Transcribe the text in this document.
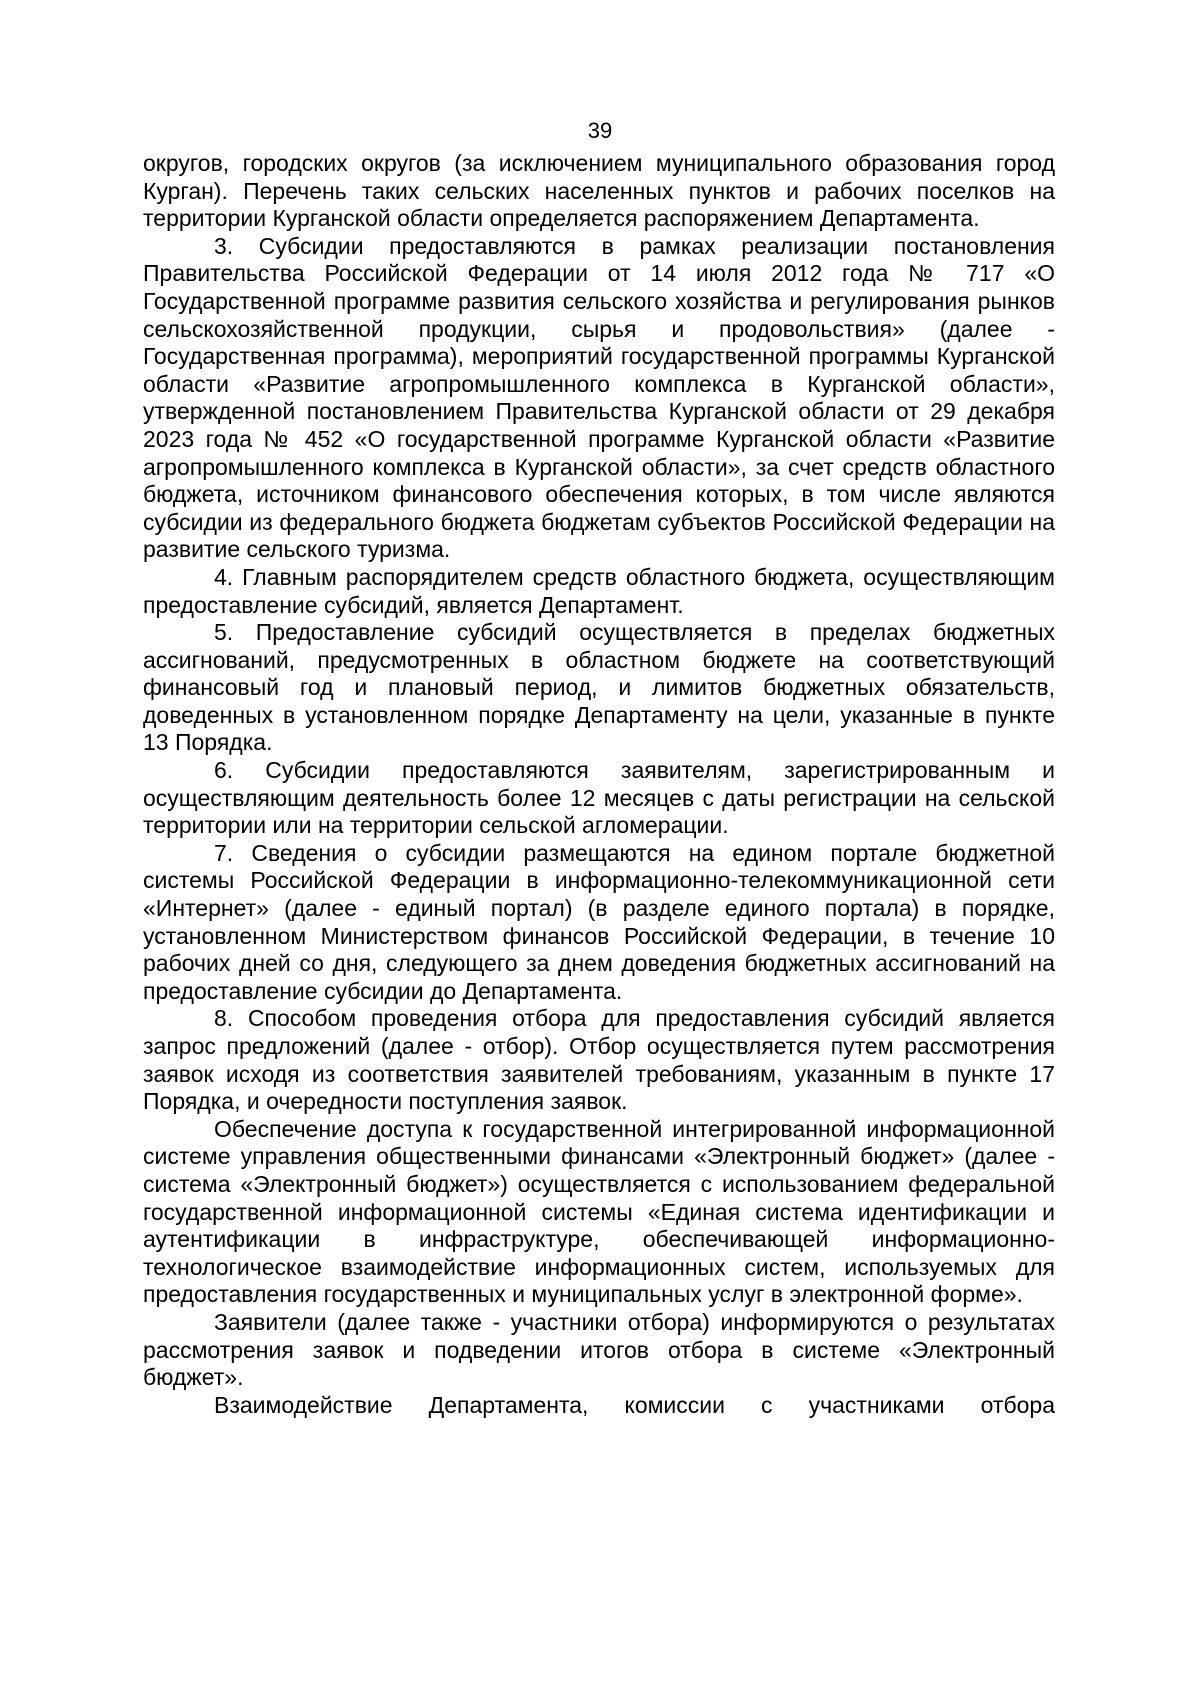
39

округов, городских округов (за исключением муниципального образования город Курган). Перечень таких сельских населенных пунктов и рабочих поселков на территории Курганской области определяется распоряжением Департамента.

3. Субсидии предоставляются в рамках реализации постановления Правительства Российской Федерации от 14 июля 2012 года № 717 «О Государственной программе развития сельского хозяйства и регулирования рынков сельскохозяйственной продукции, сырья и продовольствия» (далее - Государственная программа), мероприятий государственной программы Курганской области «Развитие агропромышленного комплекса в Курганской области», утвержденной постановлением Правительства Курганской области от 29 декабря 2023 года № 452 «О государственной программе Курганской области «Развитие агропромышленного комплекса в Курганской области», за счет средств областного бюджета, источником финансового обеспечения которых, в том числе являются субсидии из федерального бюджета бюджетам субъектов Российской Федерации на развитие сельского туризма.

4. Главным распорядителем средств областного бюджета, осуществляющим предоставление субсидий, является Департамент.

5. Предоставление субсидий осуществляется в пределах бюджетных ассигнований, предусмотренных в областном бюджете на соответствующий финансовый год и плановый период, и лимитов бюджетных обязательств, доведенных в установленном порядке Департаменту на цели, указанные в пункте 13 Порядка.

6. Субсидии предоставляются заявителям, зарегистрированным и осуществляющим деятельность более 12 месяцев с даты регистрации на сельской территории или на территории сельской агломерации.

7. Сведения о субсидии размещаются на едином портале бюджетной системы Российской Федерации в информационно-телекоммуникационной сети «Интернет» (далее - единый портал) (в разделе единого портала) в порядке, установленном Министерством финансов Российской Федерации, в течение 10 рабочих дней со дня, следующего за днем доведения бюджетных ассигнований на предоставление субсидии до Департамента.

8. Способом проведения отбора для предоставления субсидий является запрос предложений (далее - отбор). Отбор осуществляется путем рассмотрения заявок исходя из соответствия заявителей требованиям, указанным в пункте 17 Порядка, и очередности поступления заявок.

Обеспечение доступа к государственной интегрированной информационной системе управления общественными финансами «Электронный бюджет» (далее - система «Электронный бюджет») осуществляется с использованием федеральной государственной информационной системы «Единая система идентификации и аутентификации в инфраструктуре, обеспечивающей информационно-технологическое взаимодействие информационных систем, используемых для предоставления государственных и муниципальных услуг в электронной форме».

Заявители (далее также - участники отбора) информируются о результатах рассмотрения заявок и подведении итогов отбора в системе «Электронный бюджет».

Взаимодействие Департамента, комиссии с участниками отбора
